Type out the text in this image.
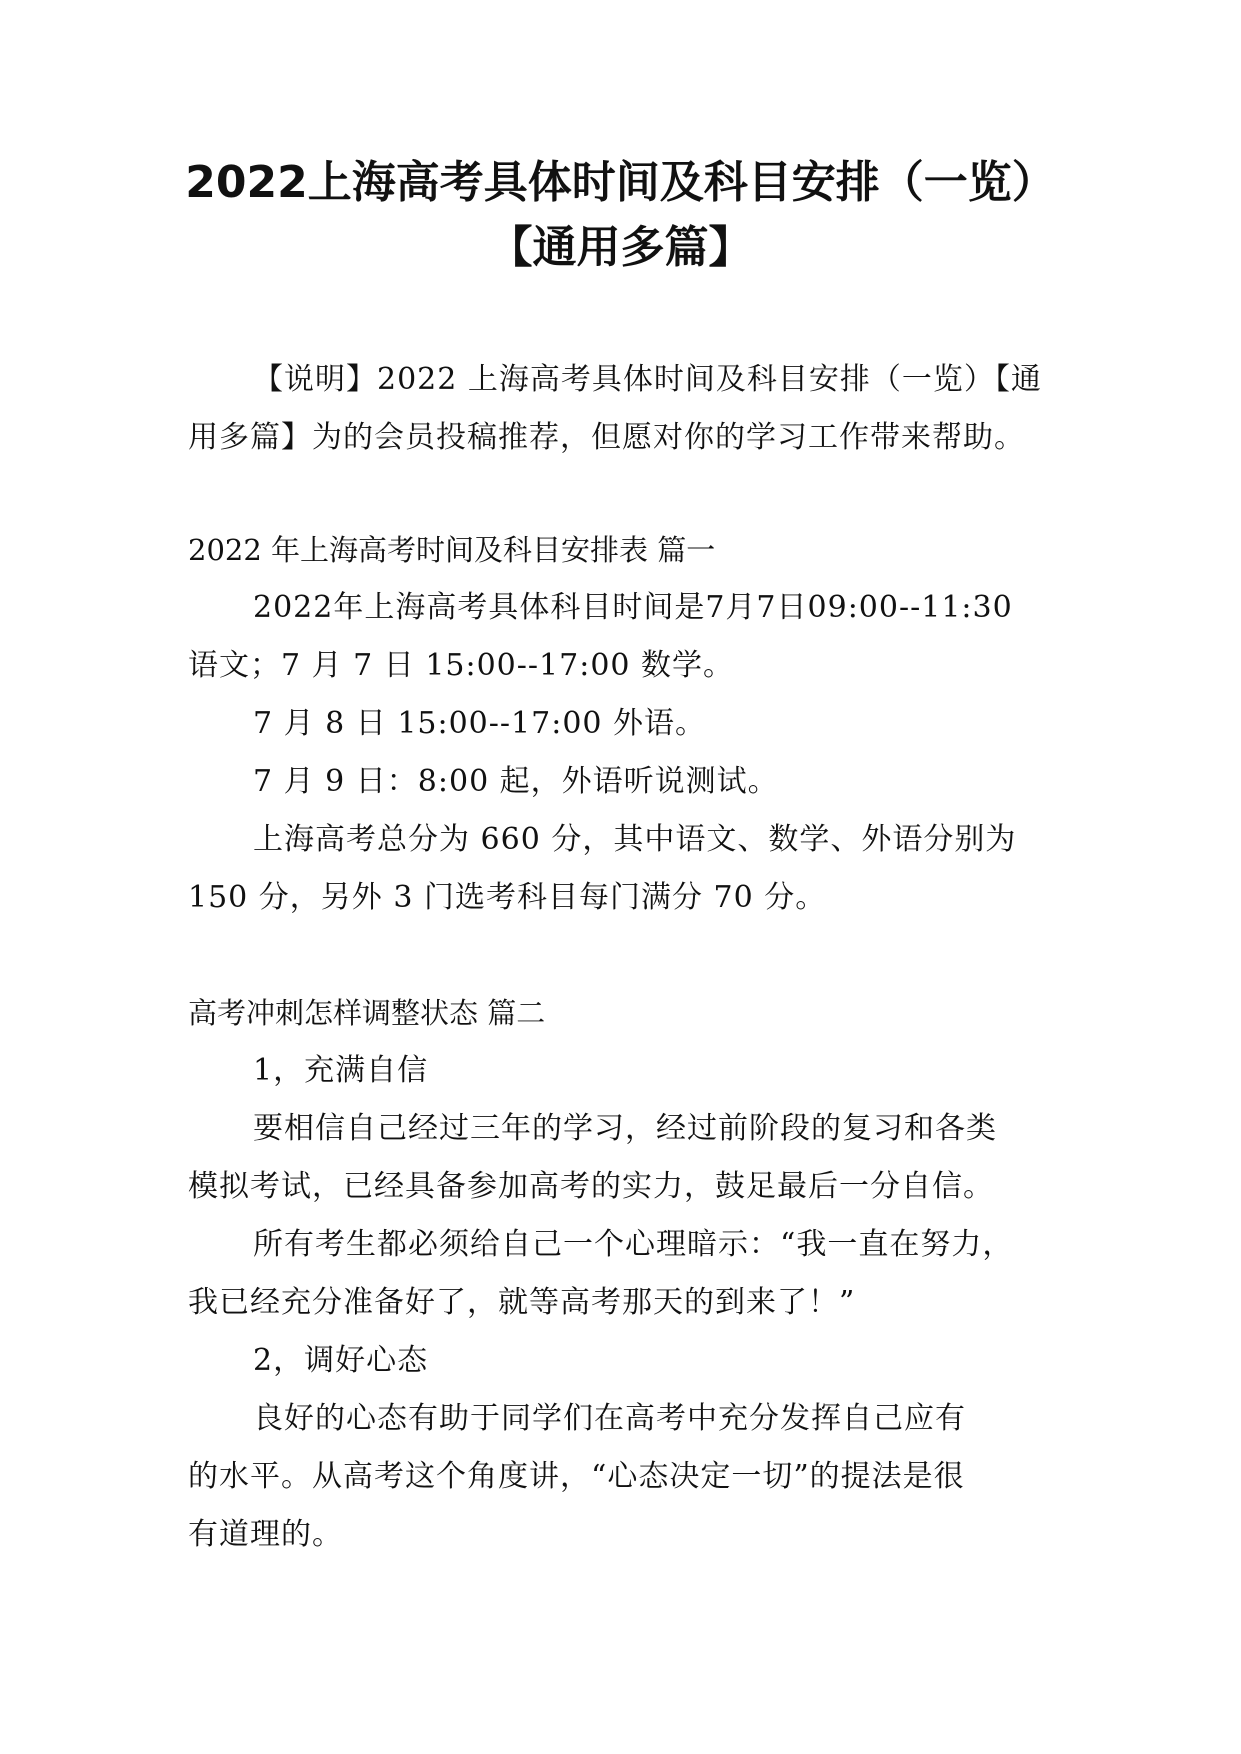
2022上海高考具体时间及科目安排（一览）
【通用多篇】
【说明】2022 上海高考具体时间及科目安排（一览）【通
用多篇】为的会员投稿推荐，但愿对你的学习工作带来帮助。
2022 年上海高考时间及科目安排表 篇一
2022年上海高考具体科目时间是7月7日09:00--11:30
语文；7 月 7 日 15:00--17:00 数学。
7 月 8 日 15:00--17:00 外语。
7 月 9 日：8:00 起，外语听说测试。
上海高考总分为 660 分，其中语文、数学、外语分别为
150 分，另外 3 门选考科目每门满分 70 分。
高考冲刺怎样调整状态 篇二
1，充满自信
要相信自己经过三年的学习，经过前阶段的复习和各类
模拟考试，已经具备参加高考的实力，鼓足最后一分自信。
所有考生都必须给自己一个心理暗示：“我一直在努力，
我已经充分准备好了，就等高考那天的到来了！”
2，调好心态
良好的心态有助于同学们在高考中充分发挥自己应有
的水平。从高考这个角度讲，“心态决定一切”的提法是很
有道理的。
